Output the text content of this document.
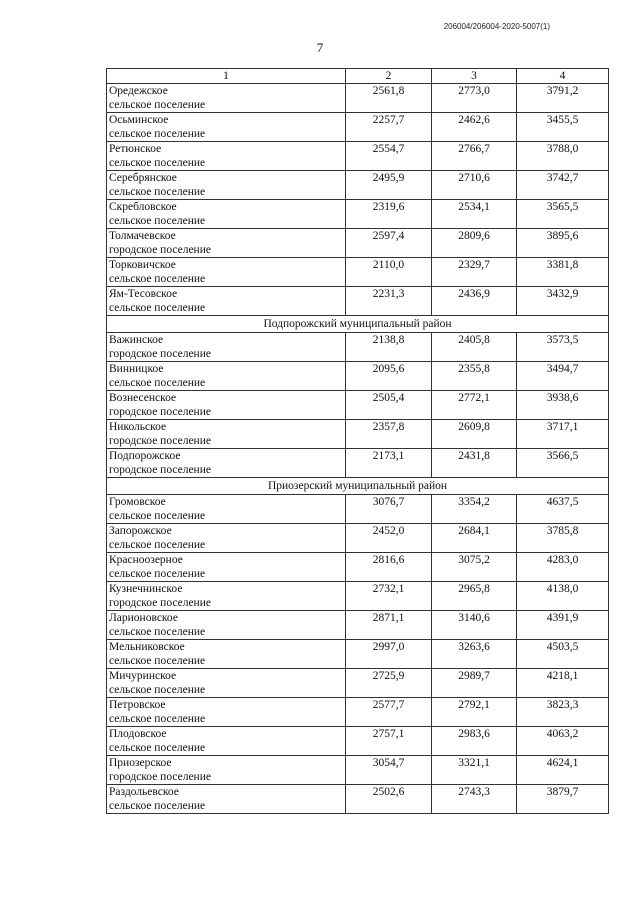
206004/206004-2020-5007(1)
7
1	2	3	4

Оредежское
сельское поселение	2561,8	2773,0	3791,2

Осьминское
сельское поселение	2257,7	2462,6	3455,5

Ретюнское
сельское поселение	2554,7	2766,7	3788,0

Серебрянское
сельское поселение	2495,9	2710,6	3742,7

Скребловское
сельское поселение	2319,6	2534,1	3565,5

Толмачевское
городское поселение	2597,4	2809,6	3895,6

Торковичское
сельское поселение	2110,0	2329,7	3381,8

Ям-Тесовское
сельское поселение	2231,3	2436,9	3432,9
Подпорожский муниципальный район			

Важинское
городское поселение	2138,8	2405,8	3573,5

Винницкое
сельское поселение	2095,6	2355,8	3494,7

Вознесенское
городское поселение	2505,4	2772,1	3938,6

Никольское
городское поселение	2357,8	2609,8	3717,1

Подпорожское
городское поселение	2173,1	2431,8	3566,5
Приозерский муниципальный район			

Громовское
сельское поселение	3076,7	3354,2	4637,5

Запорожское
сельское поселение	2452,0	2684,1	3785,8

Красноозерное
сельское поселение	2816,6	3075,2	4283,0

Кузнечнинское
городское поселение	2732,1	2965,8	4138,0

Ларионовское
сельское поселение	2871,1	3140,6	4391,9

Мельниковское
сельское поселение	2997,0	3263,6	4503,5

Мичуринское
сельское поселение	2725,9	2989,7	4218,1

Петровское
сельское поселение	2577,7	2792,1	3823,3

Плодовское
сельское поселение	2757,1	2983,6	4063,2

Приозерское
городское поселение	3054,7	3321,1	4624,1

Раздольевское
сельское поселение	2502,6	2743,3	3879,7
